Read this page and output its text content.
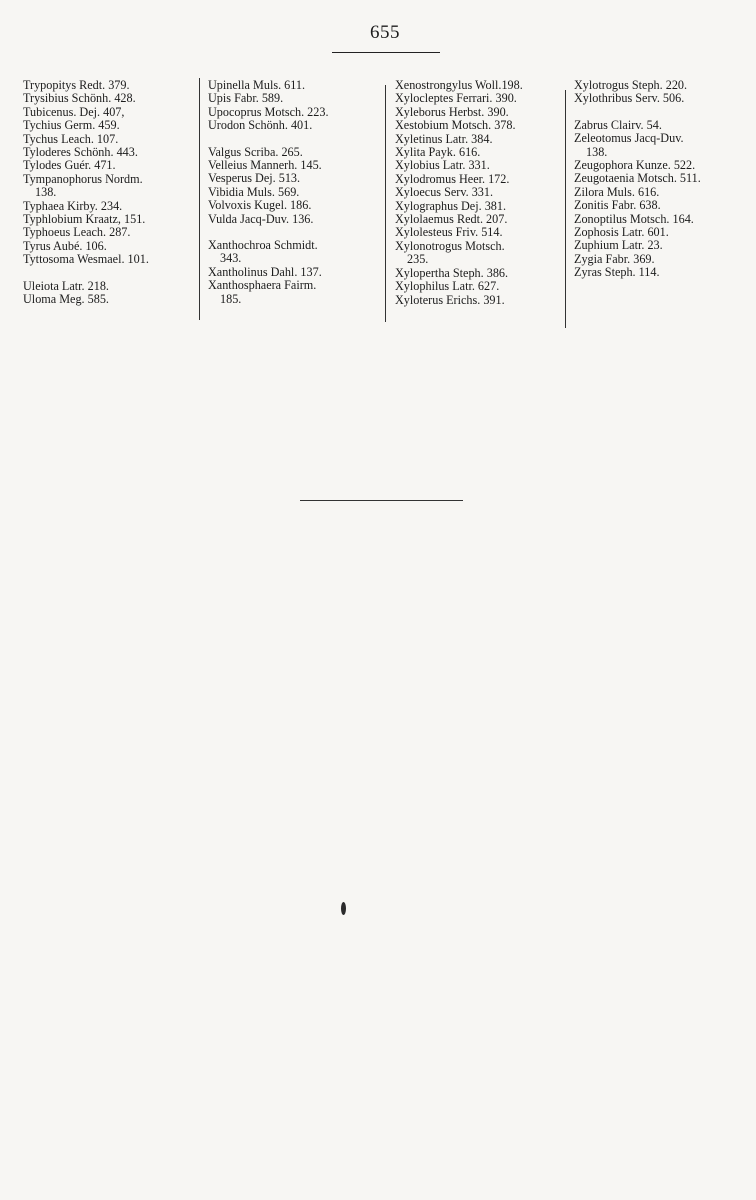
655
Trypopitys Redt. 379.
Trysibius Schönh. 428.
Tubicenus. Dej. 407,
Tychius Germ. 459.
Tychus Leach. 107.
Tyloderes Schönh. 443.
Tylodes Guér. 471.
Tympanophorus Nordm.
138.
Typhaea Kirby. 234.
Typhlobium Kraatz, 151.
Typhoeus Leach. 287.
Tyrus Aubé. 106.
Tyttosoma Wesmael. 101.
Uleiota Latr. 218.
Uloma Meg. 585.
Upinella Muls. 611.
Upis Fabr. 589.
Upocoprus Motsch. 223.
Urodon Schönh. 401.
Valgus Scriba. 265.
Velleius Mannerh. 145.
Vesperus Dej. 513.
Vibidia Muls. 569.
Volvoxis Kugel. 186.
Vulda Jacq-Duv. 136.
Xanthochroa Schmidt.
343.
Xantholinus Dahl. 137.
Xanthosphaera Fairm.
185.
Xenostrongylus Woll.198.
Xylocleptes Ferrari. 390.
Xyleborus Herbst. 390.
Xestobium Motsch. 378.
Xyletinus Latr. 384.
Xylita Payk. 616.
Xylobius Latr. 331.
Xylodromus Heer. 172.
Xyloecus Serv. 331.
Xylographus Dej. 381.
Xylolaemus Redt. 207.
Xylolesteus Friv. 514.
Xylonotrogus Motsch.
235.
Xylopertha Steph. 386.
Xylophilus Latr. 627.
Xyloterus Erichs. 391.
Xylotrogus Steph. 220.
Xylothribus Serv. 506.
Zabrus Clairv. 54.
Zeleotomus Jacq-Duv.
138.
Zeugophora Kunze. 522.
Zeugotaenia Motsch. 511.
Zilora Muls. 616.
Zonitis Fabr. 638.
Zonoptilus Motsch. 164.
Zophosis Latr. 601.
Zuphium Latr. 23.
Zygia Fabr. 369.
Zyras Steph. 114.
